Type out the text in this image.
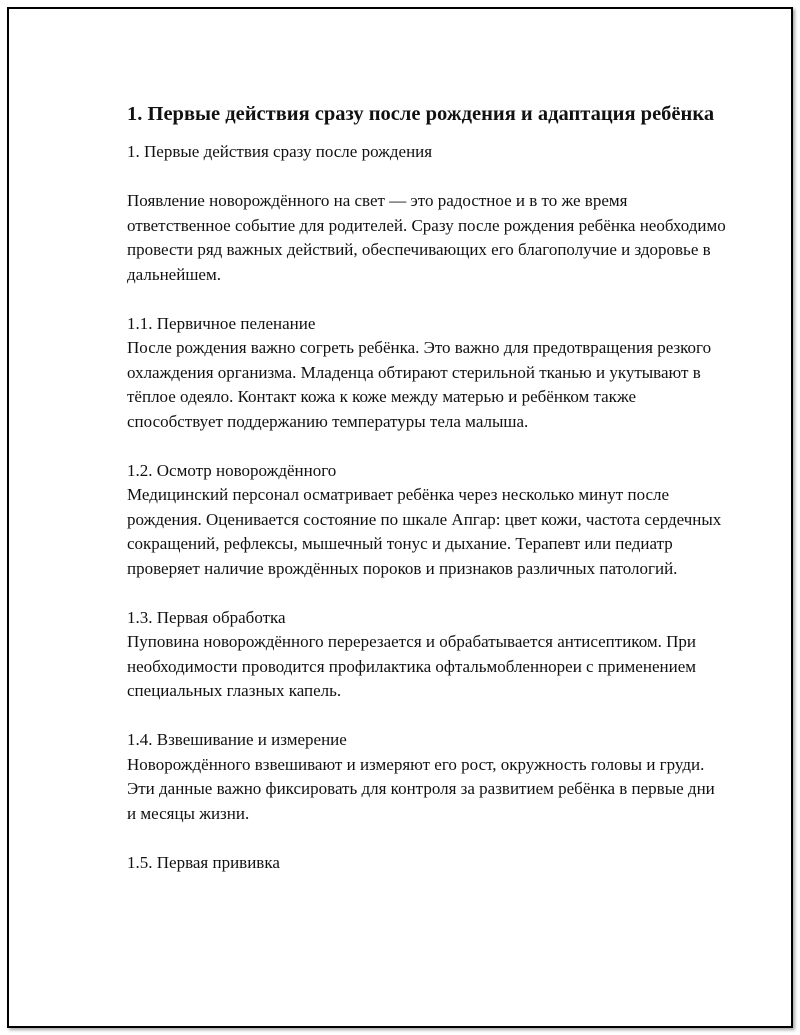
1. Первые действия сразу после рождения и адаптация ребёнка

1. Первые действия сразу после рождения

Появление новорождённого на свет — это радостное и в то же время ответственное событие для родителей. Сразу после рождения ребёнка необходимо провести ряд важных действий, обеспечивающих его благополучие и здоровье в дальнейшем.

1.1. Первичное пеленание

После рождения важно согреть ребёнка. Это важно для предотвращения резкого охлаждения организма. Младенца обтирают стерильной тканью и укутывают в тёплое одеяло. Контакт кожа к коже между матерью и ребёнком также способствует поддержанию температуры тела малыша.

1.2. Осмотр новорождённого

Медицинский персонал осматривает ребёнка через несколько минут после рождения. Оценивается состояние по шкале Апгар: цвет кожи, частота сердечных сокращений, рефлексы, мышечный тонус и дыхание. Терапевт или педиатр проверяет наличие врождённых пороков и признаков различных патологий.

1.3. Первая обработка

Пуповина новорождённого перерезается и обрабатывается антисептиком. При необходимости проводится профилактика офтальмобленнореи с применением специальных глазных капель.

1.4. Взвешивание и измерение

Новорождённого взвешивают и измеряют его рост, окружность головы и груди. Эти данные важно фиксировать для контроля за развитием ребёнка в первые дни и месяцы жизни.

1.5. Первая прививка
